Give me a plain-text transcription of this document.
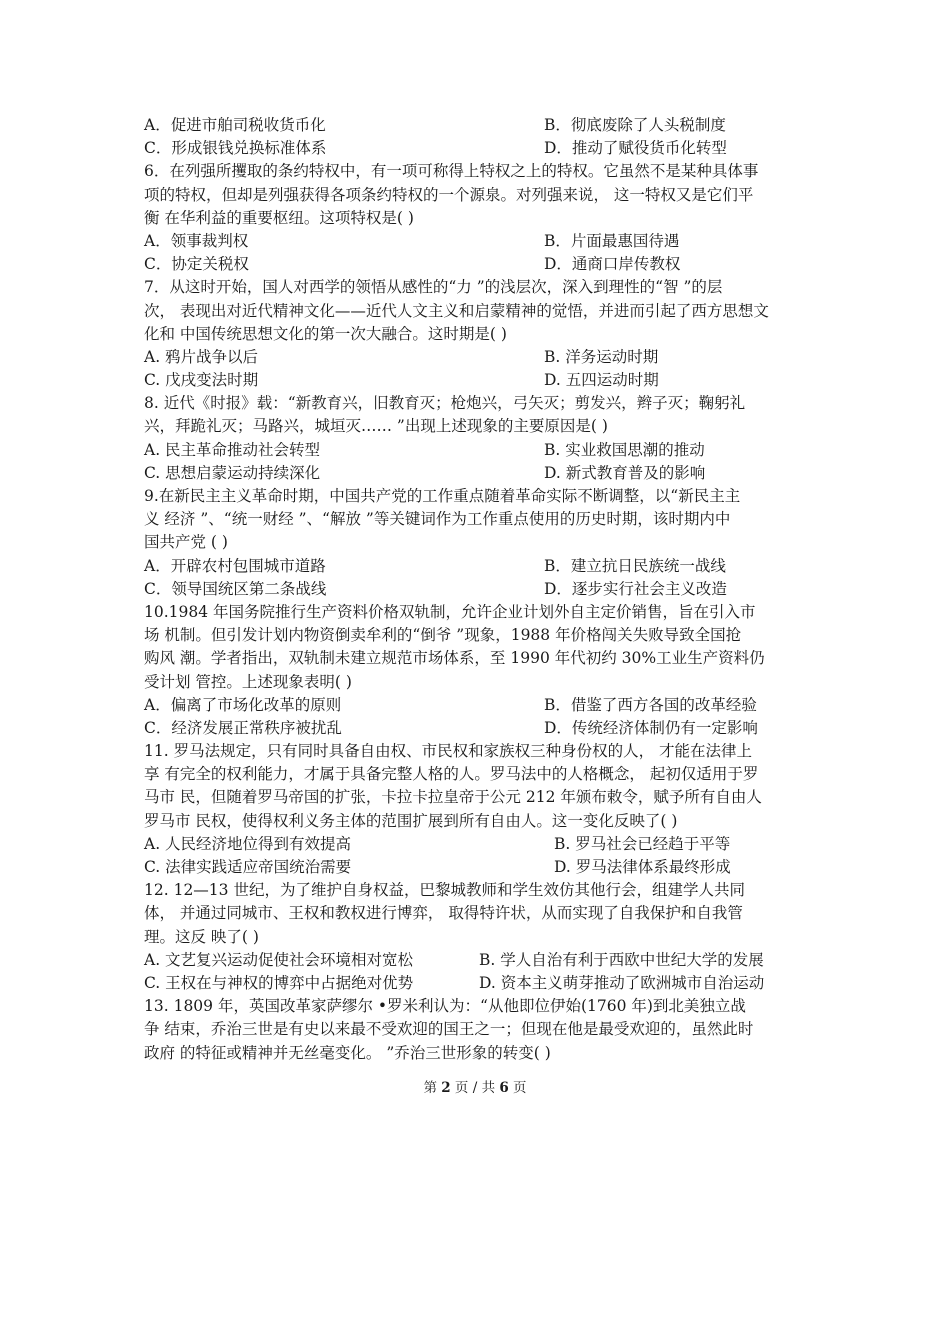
A．促进市舶司税收货币化	B．彻底废除了人头税制度
C．形成银钱兑换标准体系	D．推动了赋役货币化转型
6．在列强所攫取的条约特权中，有一项可称得上特权之上的特权。它虽然不是某种具体事
项的特权，但却是列强获得各项条约特权的一个源泉。对列强来说， 这一特权又是它们平
衡 在华利益的重要枢纽。这项特权是( )
A．领事裁判权	B．片面最惠国待遇
C．协定关税权	D．通商口岸传教权
7．从这时开始，国人对西学的领悟从感性的“力 ”的浅层次，深入到理性的“智 ”的层
次， 表现出对近代精神文化——近代人文主义和启蒙精神的觉悟，并进而引起了西方思想文
化和 中国传统思想文化的第一次大融合。这时期是( )
A. 鸦片战争以后	B. 洋务运动时期
C. 戊戌变法时期	D. 五四运动时期
8. 近代《时报》载：“新教育兴，旧教育灭；枪炮兴，弓矢灭；剪发兴，辫子灭；鞠躬礼
兴，拜跪礼灭；马路兴，城垣灭…… ”出现上述现象的主要原因是( )
A. 民主革命推动社会转型	B. 实业救国思潮的推动
C. 思想启蒙运动持续深化	D. 新式教育普及的影响
9.在新民主主义革命时期，中国共产党的工作重点随着革命实际不断调整，以“新民主主
义 经济 ”、“统一财经 ”、“解放 ”等关键词作为工作重点使用的历史时期，该时期内中
国共产党 ( )
A．开辟农村包围城市道路	B．建立抗日民族统一战线
C．领导国统区第二条战线	D．逐步实行社会主义改造
10.1984 年国务院推行生产资料价格双轨制，允许企业计划外自主定价销售，旨在引入市
场 机制。但引发计划内物资倒卖牟利的“倒爷 ”现象，1988 年价格闯关失败导致全国抢
购风 潮。学者指出，双轨制未建立规范市场体系，至 1990 年代初约 30%工业生产资料仍
受计划 管控。上述现象表明( )
A．偏离了市场化改革的原则	B．借鉴了西方各国的改革经验
C．经济发展正常秩序被扰乱	D．传统经济体制仍有一定影响
11. 罗马法规定，只有同时具备自由权、市民权和家族权三种身份权的人， 才能在法律上
享 有完全的权利能力，才属于具备完整人格的人。罗马法中的人格概念， 起初仅适用于罗
马市 民，但随着罗马帝国的扩张，卡拉卡拉皇帝于公元 212 年颁布敕令，赋予所有自由人
罗马市 民权，使得权利义务主体的范围扩展到所有自由人。这一变化反映了( )
A. 人民经济地位得到有效提高	B. 罗马社会已经趋于平等
C. 法律实践适应帝国统治需要	D. 罗马法律体系最终形成
12. 12—13 世纪，为了维护自身权益，巴黎城教师和学生效仿其他行会，组建学人共同
体， 并通过同城市、王权和教权进行博弈， 取得特许状，从而实现了自我保护和自我管
理。这反 映了( )
A. 文艺复兴运动促使社会环境相对宽松	B. 学人自治有利于西欧中世纪大学的发展
C. 王权在与神权的博弈中占据绝对优势	D. 资本主义萌芽推动了欧洲城市自治运动
13. 1809 年，英国改革家萨缪尔 •罗米利认为：“从他即位伊始(1760 年)到北美独立战
争 结束，乔治三世是有史以来最不受欢迎的国王之一；但现在他是最受欢迎的，虽然此时
政府 的特征或精神并无丝毫变化。 ”乔治三世形象的转变( )
第 2 页 / 共 6 页
